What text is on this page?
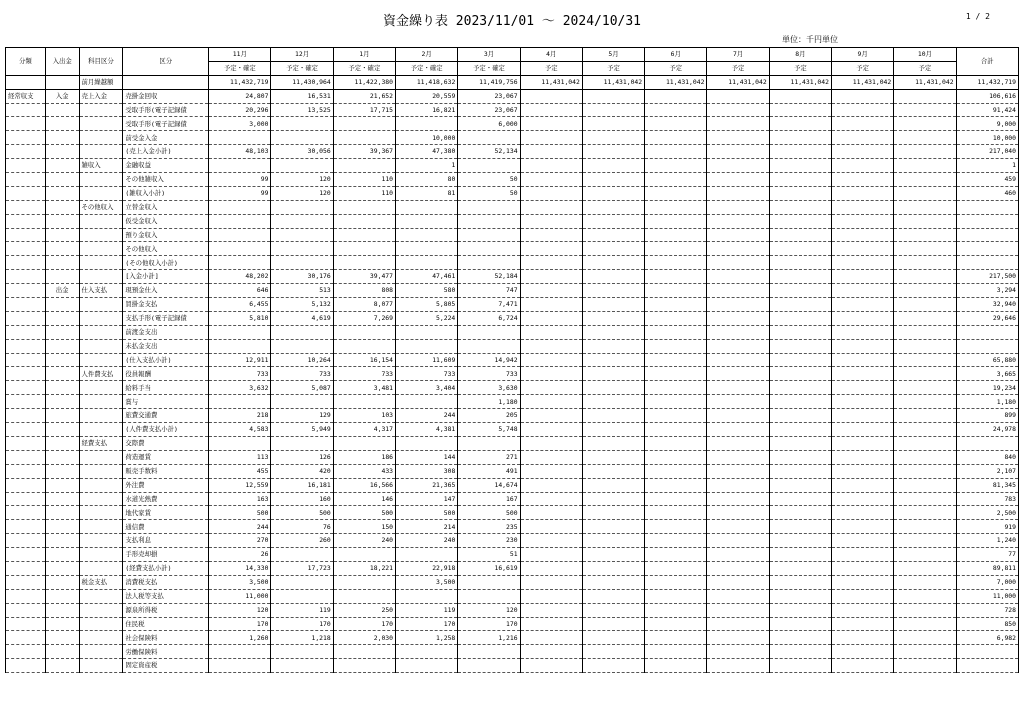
資金繰り表 2023/11/01 ～ 2024/10/31	1 / 2
単位：千円単位
分類	入出金	科目区分	区分	11月	12月	1月	2月	3月	4月	5月	6月	7月	8月	9月	10月	合計
				予定・確定	予定・確定	予定・確定	予定・確定	予定・確定	予定	予定	予定	予定	予定	予定	予定	
		前月繰越額		11,432,719	11,430,964	11,422,380	11,418,632	11,419,756	11,431,042	11,431,042	11,431,042	11,431,042	11,431,042	11,431,042	11,431,042	11,432,719
経常収支	入金	売上入金	売掛金回収	24,807	16,531	21,652	20,559	23,067								106,616
			受取手形(電子記録債	20,296	13,525	17,715	16,821	23,067								91,424
			受取手形(電子記録債	3,000				6,000								9,000
			前受金入金				10,000									10,000
			(売上入金小計)	48,103	30,056	39,367	47,380	52,134								217,040
		雑収入	金融収益				1									1
			その他雑収入	99	120	110	80	50								459
			(雑収入小計)	99	120	110	81	50								460
		その他収入	立替金収入													
			仮受金収入													
			預り金収入													
			その他収入													
			(その他収入小計)													
			[入金小計]	48,202	30,176	39,477	47,461	52,184								217,500
	出金	仕入支払	現預金仕入	646	513	808	580	747								3,294
			買掛金支払	6,455	5,132	8,077	5,805	7,471								32,940
			支払手形(電子記録債	5,810	4,619	7,269	5,224	6,724								29,646
			前渡金支出													
			未払金支出													
			(仕入支払小計)	12,911	10,264	16,154	11,609	14,942								65,880
		人件費支払	役員報酬	733	733	733	733	733								3,665
			給料手当	3,632	5,087	3,481	3,404	3,630								19,234
			賞与					1,180								1,180
			旅費交通費	218	129	103	244	205								899
			(人件費支払小計)	4,583	5,949	4,317	4,381	5,748								24,978
		経費支払	交際費													
			荷造運賃	113	126	186	144	271								840
			販売手数料	455	420	433	308	491								2,107
			外注費	12,559	16,181	16,566	21,365	14,674								81,345
			水道光熱費	163	160	146	147	167								783
			地代家賃	500	500	500	500	500								2,500
			通信費	244	76	150	214	235								919
			支払利息	270	260	240	240	230								1,240
			手形売却損	26				51								77
			(経費支払小計)	14,330	17,723	18,221	22,918	16,619								89,811
		税金支払	消費税支払	3,500			3,500									7,000
			法人税等支払	11,000												11,000
			源泉所得税	120	119	250	119	120								728
			住民税	170	170	170	170	170								850
			社会保険料	1,260	1,218	2,030	1,258	1,216								6,982
			労働保険料													
			固定資産税													
